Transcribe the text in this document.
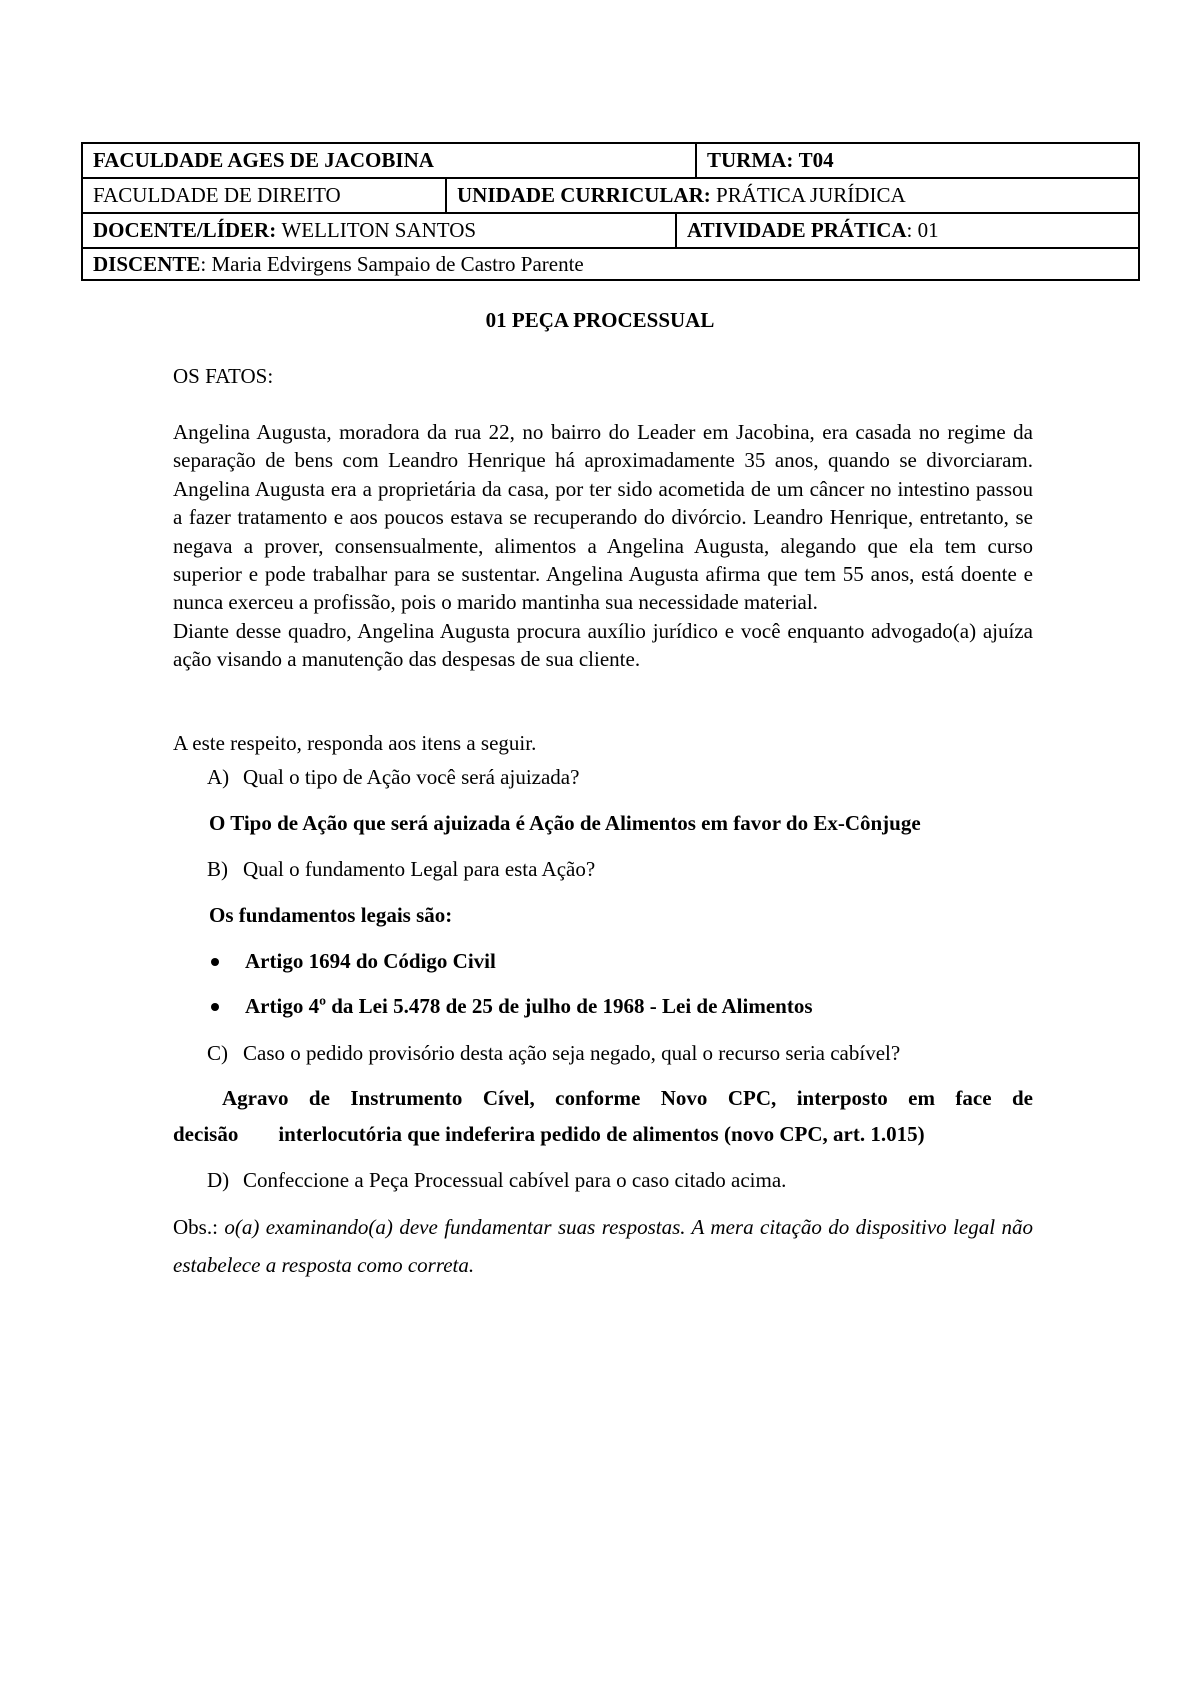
FACULDADE AGES DE JACOBINA	TURMA:
T04
FACULDADE DE DIREITO	UNIDADE CURRICULAR:
PRÁTICA JURÍDICA
DOCENTE/LÍDER:
WELLITON SANTOS	ATIVIDADE PRÁTICA : 01
DISCENTE : Maria Edvirgens Sampaio de Castro Parente
01 PEÇA PROCESSUAL
OS FATOS:

Angelina Augusta, moradora da rua 22, no bairro do Leader em Jacobina, era casada no regime da separação de bens com Leandro Henrique há aproximadamente 35 anos, quando se divorciaram. Angelina Augusta era a proprietária da casa, por ter sido acometida de um câncer no intestino passou a fazer tratamento e aos poucos estava se recuperando do divórcio. Leandro Henrique, entretanto, se negava a prover, consensualmente, alimentos a Angelina Augusta, alegando que ela tem curso superior e pode trabalhar para se sustentar. Angelina Augusta afirma que tem 55 anos, está doente e nunca exerceu a profissão, pois o marido mantinha sua necessidade material.

Diante desse quadro, Angelina Augusta procura auxílio jurídico e você enquanto advogado(a) ajuíza ação visando a manutenção das despesas de sua cliente.

A este respeito, responda aos itens a seguir.
A) Qual o tipo de Ação você será ajuizada?
O Tipo de Ação que será ajuizada é Ação de Alimentos em favor do Ex-Cônjuge
B) Qual o fundamento Legal para esta Ação?
Os fundamentos legais são:
Artigo 1694 do Código Civil
Artigo 4º da Lei 5.478 de 25 de julho de 1968 - Lei de Alimentos
C) Caso o pedido provisório desta ação seja negado, qual o recurso seria cabível?
Agravo de Instrumento Cível, conforme Novo CPC, interposto em face de
decisão interlocutória que indeferira pedido de alimentos (novo CPC, art. 1.015)
D) Confeccione a Peça Processual cabível para o caso citado acima.
Obs.: o(a) examinando(a) deve fundamentar suas respostas. A mera citação do dispositivo legal não estabelece a resposta como correta.
